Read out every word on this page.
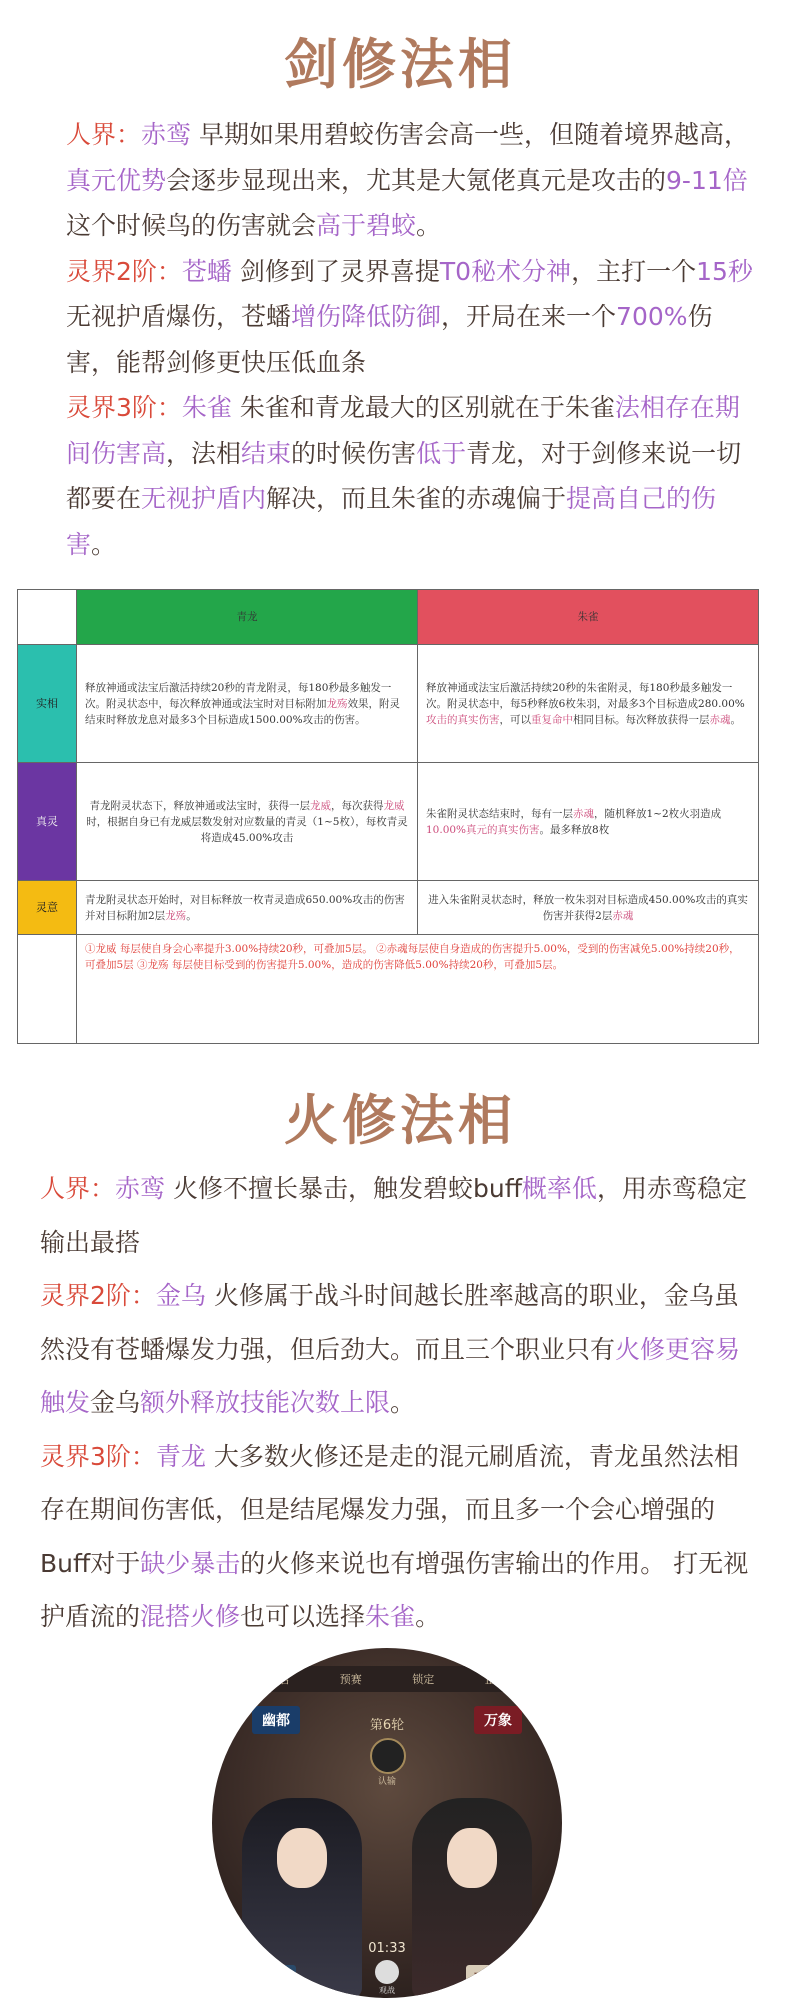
剑修法相

人界：赤鸾 早期如果用碧蛟伤害会高一些，但随着境界越高，真元优势会逐步显现出来，尤其是大氪佬真元是攻击的9-11倍这个时候鸟的伤害就会高于碧蛟。

灵界2阶：苍蟠 剑修到了灵界喜提T0秘术分神，主打一个15秒无视护盾爆伤，苍蟠增伤降低防御，开局在来一个700%伤害，能帮剑修更快压低血条

灵界3阶：朱雀 朱雀和青龙最大的区别就在于朱雀法相存在期间伤害高，法相结束的时候伤害低于青龙，对于剑修来说一切都要在无视护盾内解决，而且朱雀的赤魂偏于提高自己的伤害。

	青龙	朱雀
实相	释放神通或法宝后激活持续20秒的青龙附灵，每180秒最多触发一次。附灵状态中，每次释放神通或法宝时对目标附加龙殇效果，附灵结束时释放龙息对最多3个目标造成1500.00%攻击的伤害。	释放神通或法宝后激活持续20秒的朱雀附灵，每180秒最多触发一次。附灵状态中，每5秒释放6枚朱羽，对最多3个目标造成280.00%攻击的真实伤害，可以重复命中相同目标。每次释放获得一层赤魂。
真灵	青龙附灵状态下，释放神通或法宝时，获得一层龙威，每次获得龙威时，根据自身已有龙威层数发射对应数量的青灵（1~5枚），每枚青灵将造成45.00%攻击	朱雀附灵状态结束时，每有一层赤魂，随机释放1~2枚火羽造成10.00%真元的真实伤害。最多释放8枚
灵意	青龙附灵状态开始时，对目标释放一枚青灵造成650.00%攻击的伤害并对目标附加2层龙殇。	进入朱雀附灵状态时，释放一枚朱羽对目标造成450.00%攻击的真实伤害并获得2层赤魂
	①龙威 每层使自身会心率提升3.00%持续20秒，可叠加5层。 ②赤魂每层使自身造成的伤害提升5.00%，受到的伤害减免5.00%持续20秒，可叠加5层 ③龙殇 每层使目标受到的伤害提升5.00%，造成的伤害降低5.00%持续20秒，可叠加5层。	
火修法相

人界：赤鸾 火修不擅长暴击，触发碧蛟buff概率低，用赤鸾稳定输出最搭

灵界2阶：金乌 火修属于战斗时间越长胜率越高的职业，金乌虽然没有苍蟠爆发力强，但后劲大。而且三个职业只有火修更容易触发金乌额外释放技能次数上限。

灵界3阶：青龙 大多数火修还是走的混元刷盾流，青龙虽然法相存在期间伤害低，但是结尾爆发力强，而且多一个会心增强的Buff对于缺少暴击的火修来说也有增强伤害输出的作用。 打无视护盾流的混搭火修也可以选择朱雀。

报名	预赛	锁定	正赛
幽都	万象
第6轮
认输
01:33
修缘	取名字
观战
